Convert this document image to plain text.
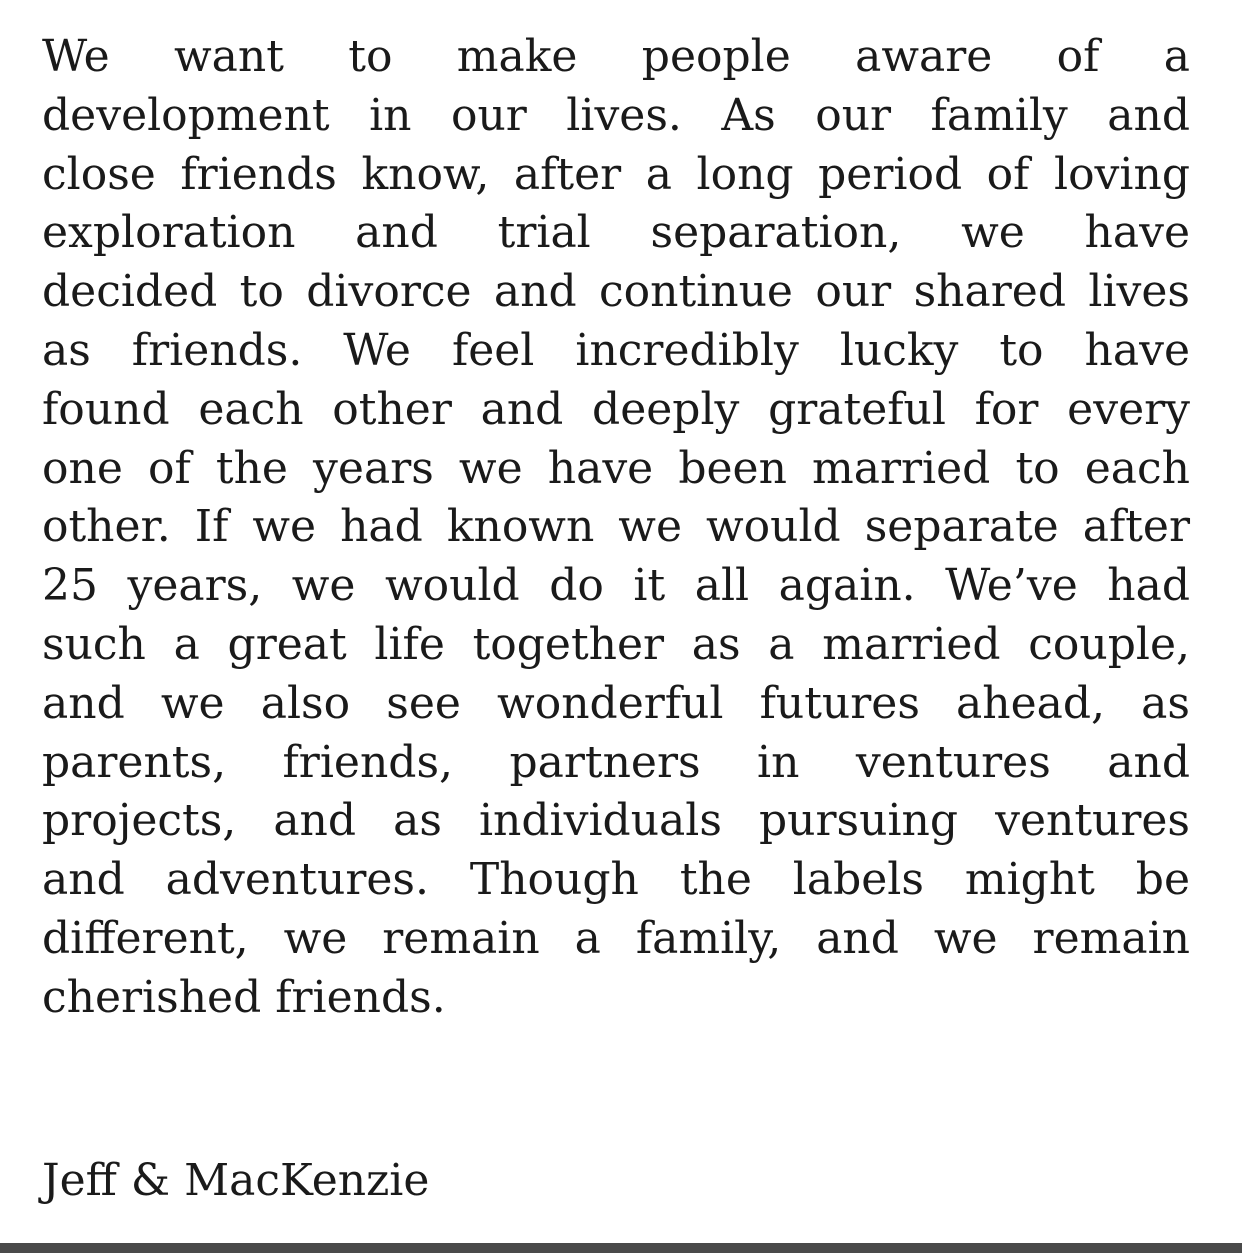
We want to make people aware of a
development in our lives. As our family and
close friends know, after a long period of loving
exploration and trial separation, we have
decided to divorce and continue our shared lives
as friends. We feel incredibly lucky to have
found each other and deeply grateful for every
one of the years we have been married to each
other. If we had known we would separate after
25 years, we would do it all again. We’ve had
such a great life together as a married couple,
and we also see wonderful futures ahead, as
parents, friends, partners in ventures and
projects, and as individuals pursuing ventures
and adventures. Though the labels might be
different, we remain a family, and we remain
cherished friends.
Jeff & MacKenzie
